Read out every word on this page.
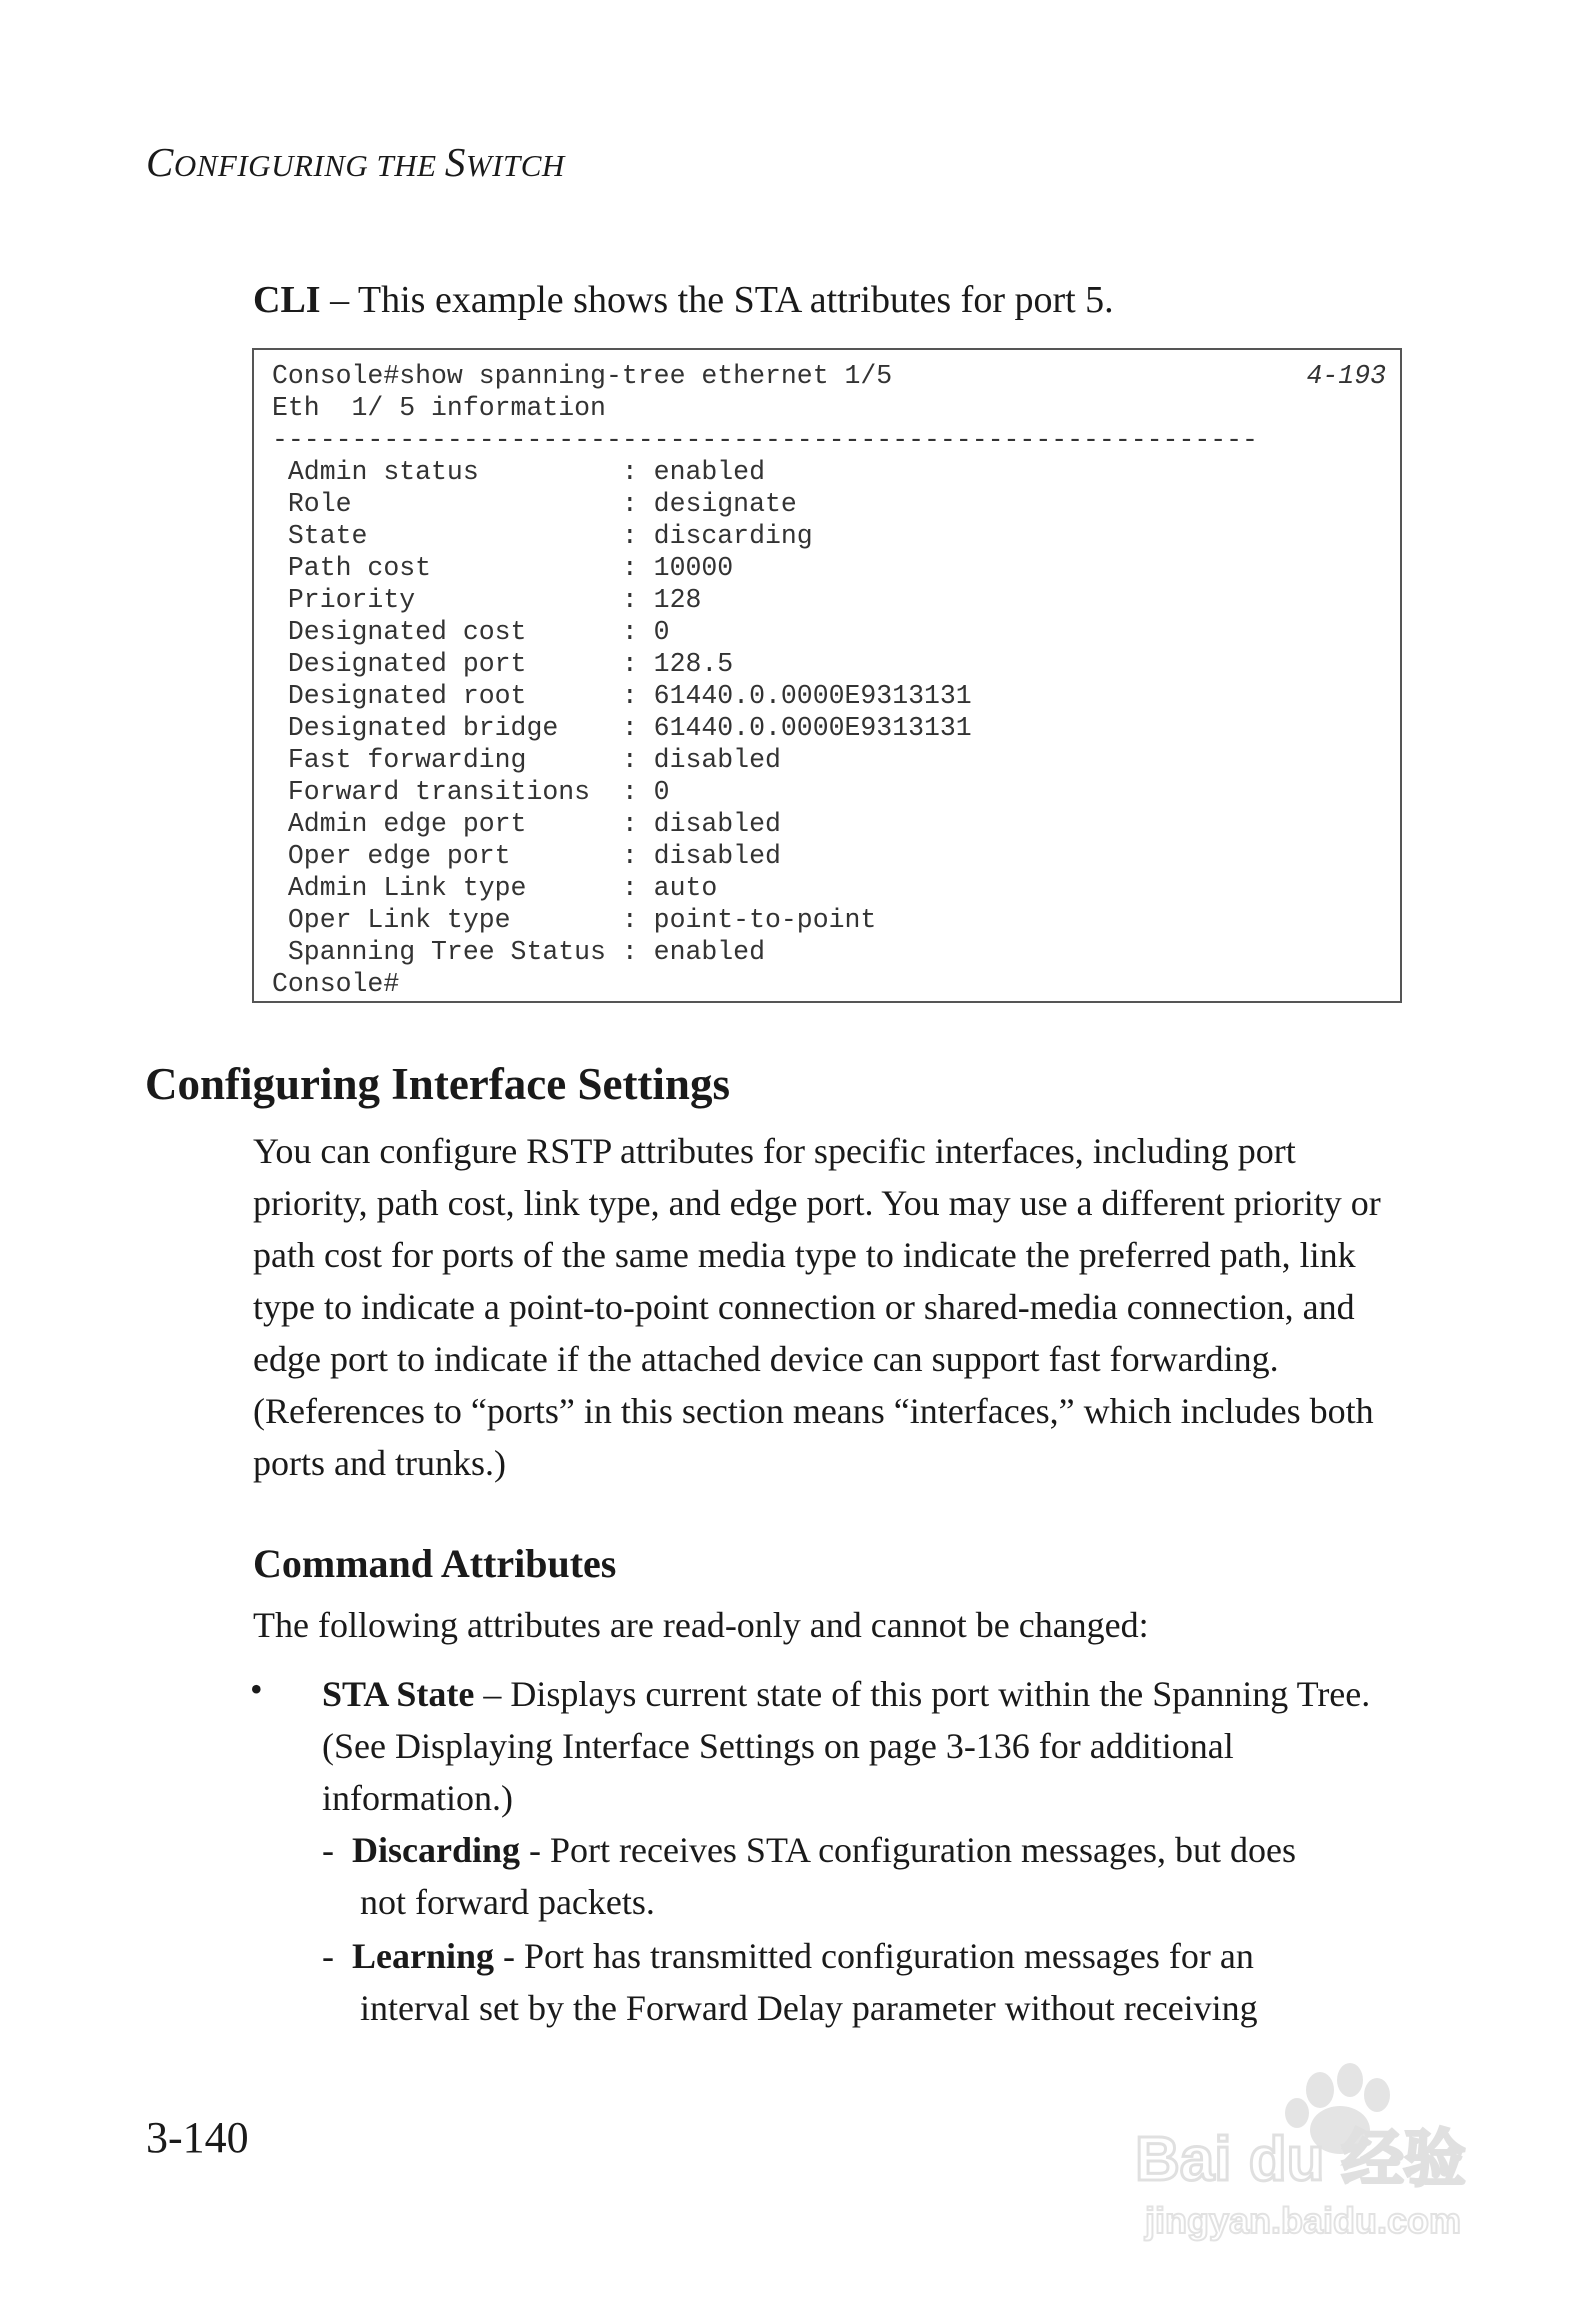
CONFIGURING THE SWITCH
CLI – This example shows the STA attributes for port 5.
Console#show spanning-tree ethernet 1/5
Eth  1/ 5 information
--------------------------------------------------------------
Admin status         : enabled
Role                 : designate
State                : discarding
Path cost            : 10000
Priority             : 128
Designated cost      : 0
Designated port      : 128.5
Designated root      : 61440.0.0000E9313131
Designated bridge    : 61440.0.0000E9313131
Fast forwarding      : disabled
Forward transitions  : 0
Admin edge port      : disabled
Oper edge port       : disabled
Admin Link type      : auto
Oper Link type       : point-to-point
Spanning Tree Status : enabled
Console#
4-193
Configuring Interface Settings

You can configure RSTP attributes for specific interfaces, including port priority, path cost, link type, and edge port. You may use a different priority or path cost for ports of the same media type to indicate the preferred path, link type to indicate a point-to-point connection or shared-media connection, and edge port to indicate if the attached device can support fast forwarding. (References to “ports” in this section means “interfaces,” which includes both ports and trunks.)

Command Attributes

The following attributes are read-only and cannot be changed:

• STA State – Displays current state of this port within the Spanning Tree. (See Displaying Interface Settings on page 3-136 for additional information.)

- Discarding - Port receives STA configuration messages, but does
not forward packets.

- Learning - Port has transmitted configuration messages for an
interval set by the Forward Delay parameter without receiving

3-140	Bai du 经验
jingyan.baidu.com
